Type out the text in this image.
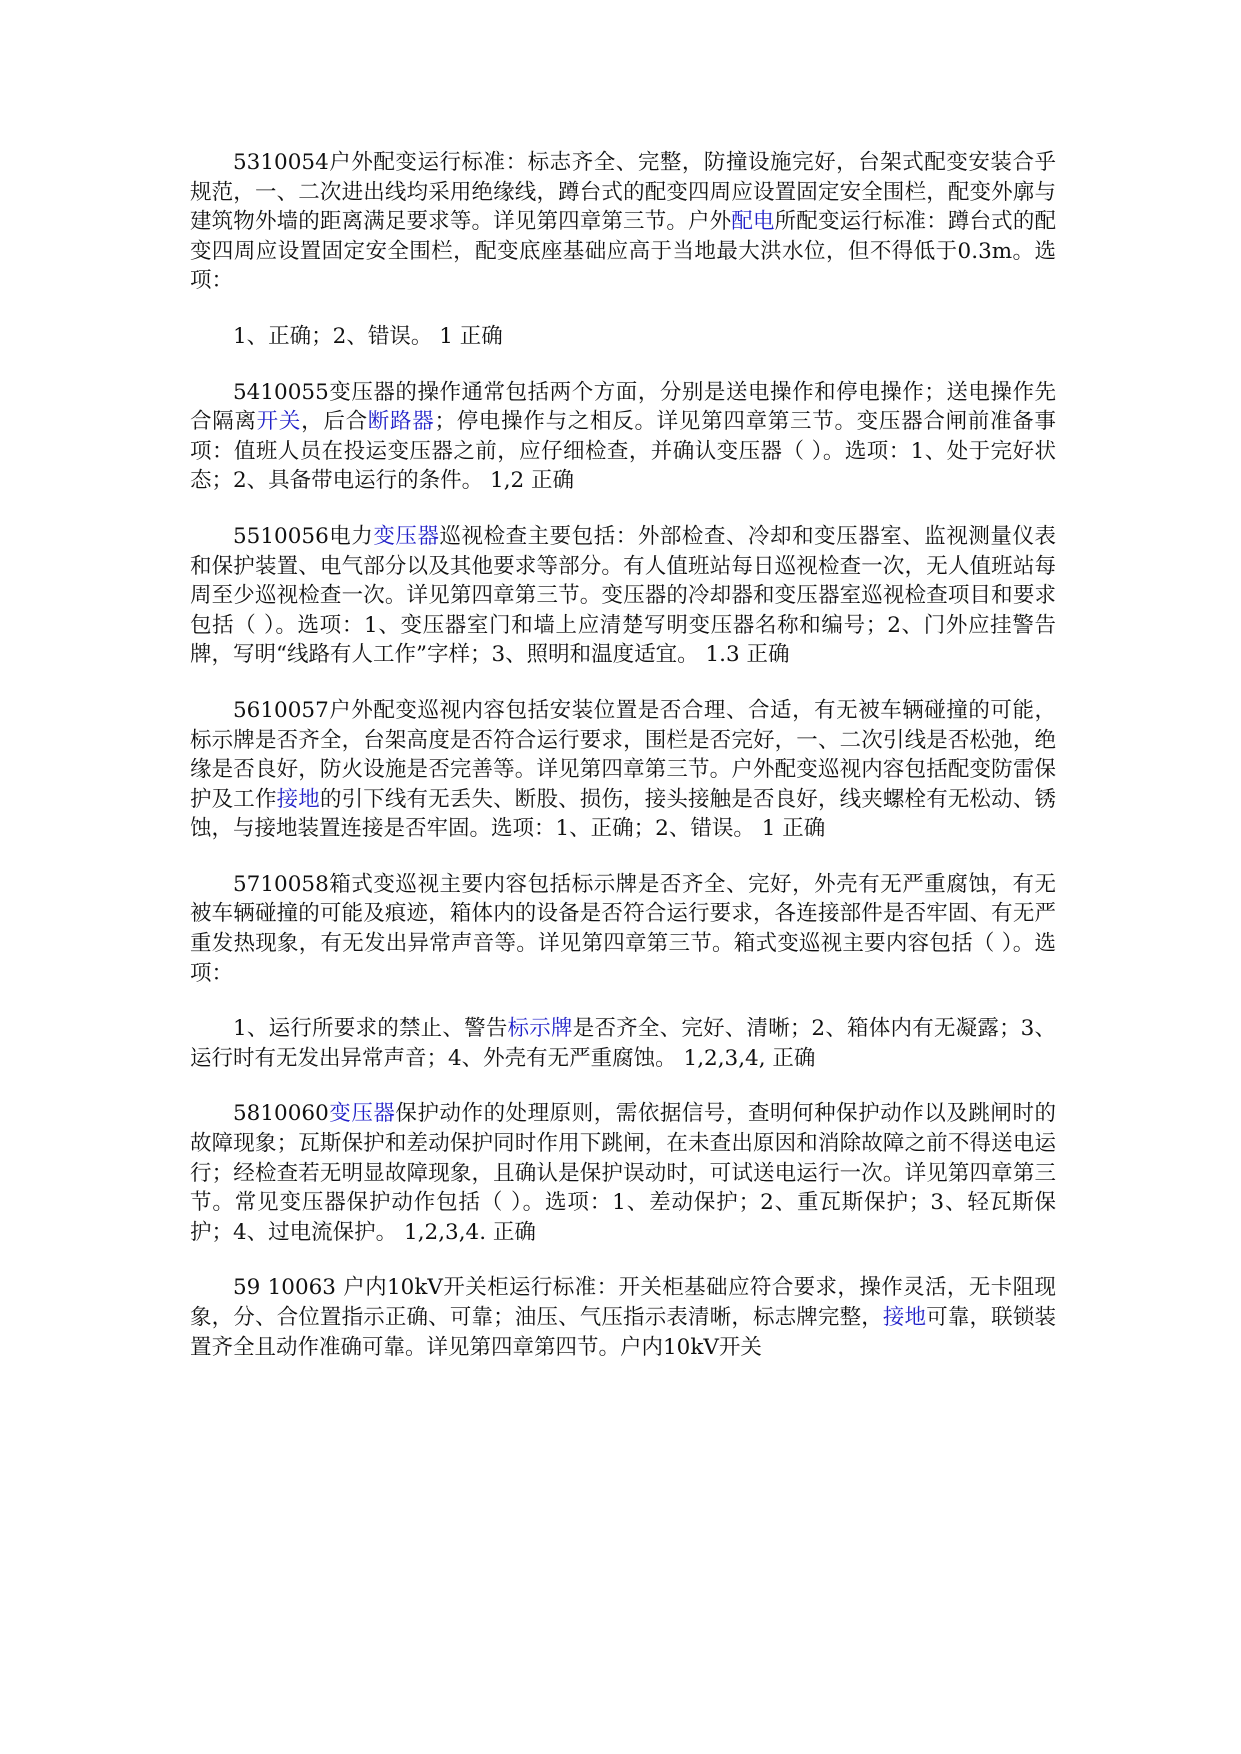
5310054户外配变运行标准：标志齐全、完整，防撞设施完好，台架式配变安装合乎规范，一、二次进出线均采用绝缘线，蹲台式的配变四周应设置固定安全围栏，配变外廓与建筑物外墙的距离满足要求等。详见第四章第三节。户外配电所配变运行标准：蹲台式的配变四周应设置固定安全围栏，配变底座基础应高于当地最大洪水位，但不得低于0.3m。选项：

1、正确；2、错误。 1 正确

5410055变压器的操作通常包括两个方面，分别是送电操作和停电操作；送电操作先合隔离开关，后合断路器；停电操作与之相反。详见第四章第三节。变压器合闸前准备事项：值班人员在投运变压器之前，应仔细检查，并确认变压器（ ）。选项：1、处于完好状态；2、具备带电运行的条件。 1,2 正确

5510056电力变压器巡视检查主要包括：外部检查、冷却和变压器室、监视测量仪表和保护装置、电气部分以及其他要求等部分。有人值班站每日巡视检查一次，无人值班站每周至少巡视检查一次。详见第四章第三节。变压器的冷却器和变压器室巡视检查项目和要求包括（ ）。选项：1、变压器室门和墙上应清楚写明变压器名称和编号；2、门外应挂警告牌，写明“线路有人工作”字样；3、照明和温度适宜。 1.3 正确

5610057户外配变巡视内容包括安装位置是否合理、合适，有无被车辆碰撞的可能，标示牌是否齐全，台架高度是否符合运行要求，围栏是否完好，一、二次引线是否松弛，绝缘是否良好，防火设施是否完善等。详见第四章第三节。户外配变巡视内容包括配变防雷保护及工作接地的引下线有无丢失、断股、损伤，接头接触是否良好，线夹螺栓有无松动、锈蚀，与接地装置连接是否牢固。选项：1、正确；2、错误。 1 正确

5710058箱式变巡视主要内容包括标示牌是否齐全、完好，外壳有无严重腐蚀，有无被车辆碰撞的可能及痕迹，箱体内的设备是否符合运行要求，各连接部件是否牢固、有无严重发热现象，有无发出异常声音等。详见第四章第三节。箱式变巡视主要内容包括（ ）。选项：

1、运行所要求的禁止、警告标示牌是否齐全、完好、清晰；2、箱体内有无凝露；3、运行时有无发出异常声音；4、外壳有无严重腐蚀。 1,2,3,4, 正确

5810060变压器保护动作的处理原则，需依据信号，查明何种保护动作以及跳闸时的故障现象；瓦斯保护和差动保护同时作用下跳闸，在未查出原因和消除故障之前不得送电运行；经检查若无明显故障现象，且确认是保护误动时，可试送电运行一次。详见第四章第三节。常见变压器保护动作包括（ ）。选项：1、差动保护；2、重瓦斯保护；3、轻瓦斯保护；4、过电流保护。 1,2,3,4. 正确

59 10063 户内10kV开关柜运行标准：开关柜基础应符合要求，操作灵活，无卡阻现象，分、合位置指示正确、可靠；油压、气压指示表清晰，标志牌完整，接地可靠，联锁装置齐全且动作准确可靠。详见第四章第四节。户内10kV开关
